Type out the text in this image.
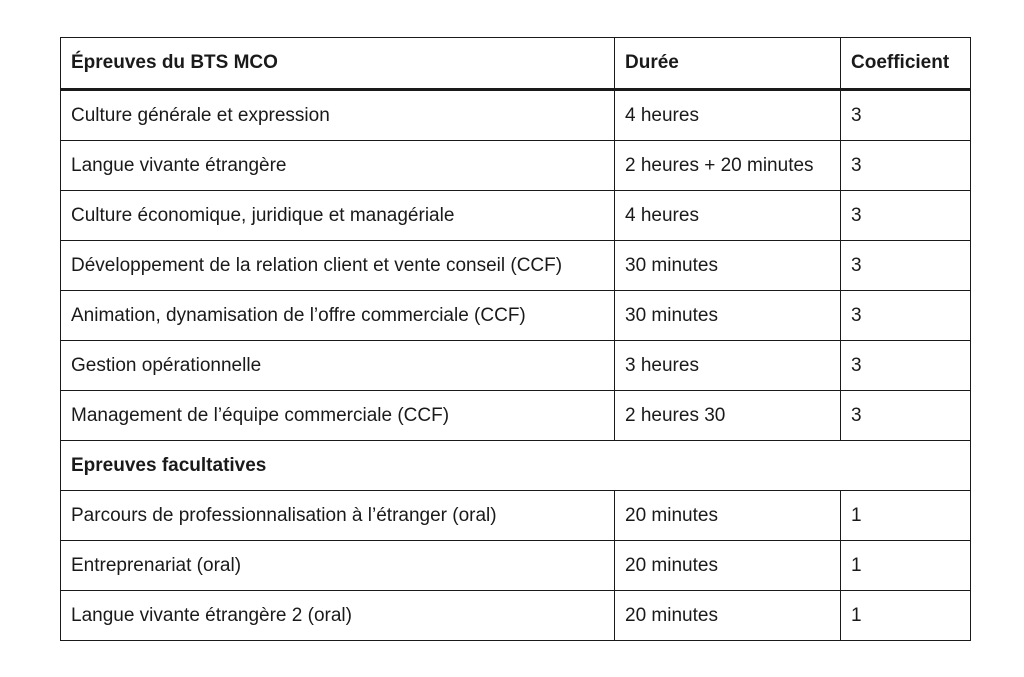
Épreuves du BTS MCO	Durée	Coefficient
Culture générale et expression	4 heures	3
Langue vivante étrangère	2 heures + 20 minutes	3
Culture économique, juridique et managériale	4 heures	3
Développement de la relation client et vente conseil (CCF)	30 minutes	3
Animation, dynamisation de l’offre commerciale (CCF)	30 minutes	3
Gestion opérationnelle	3 heures	3
Management de l’équipe commerciale (CCF)	2 heures 30	3
Epreuves facultatives		
Parcours de professionnalisation à l’étranger (oral)	20 minutes	1
Entreprenariat (oral)	20 minutes	1
Langue vivante étrangère 2 (oral)	20 minutes	1
